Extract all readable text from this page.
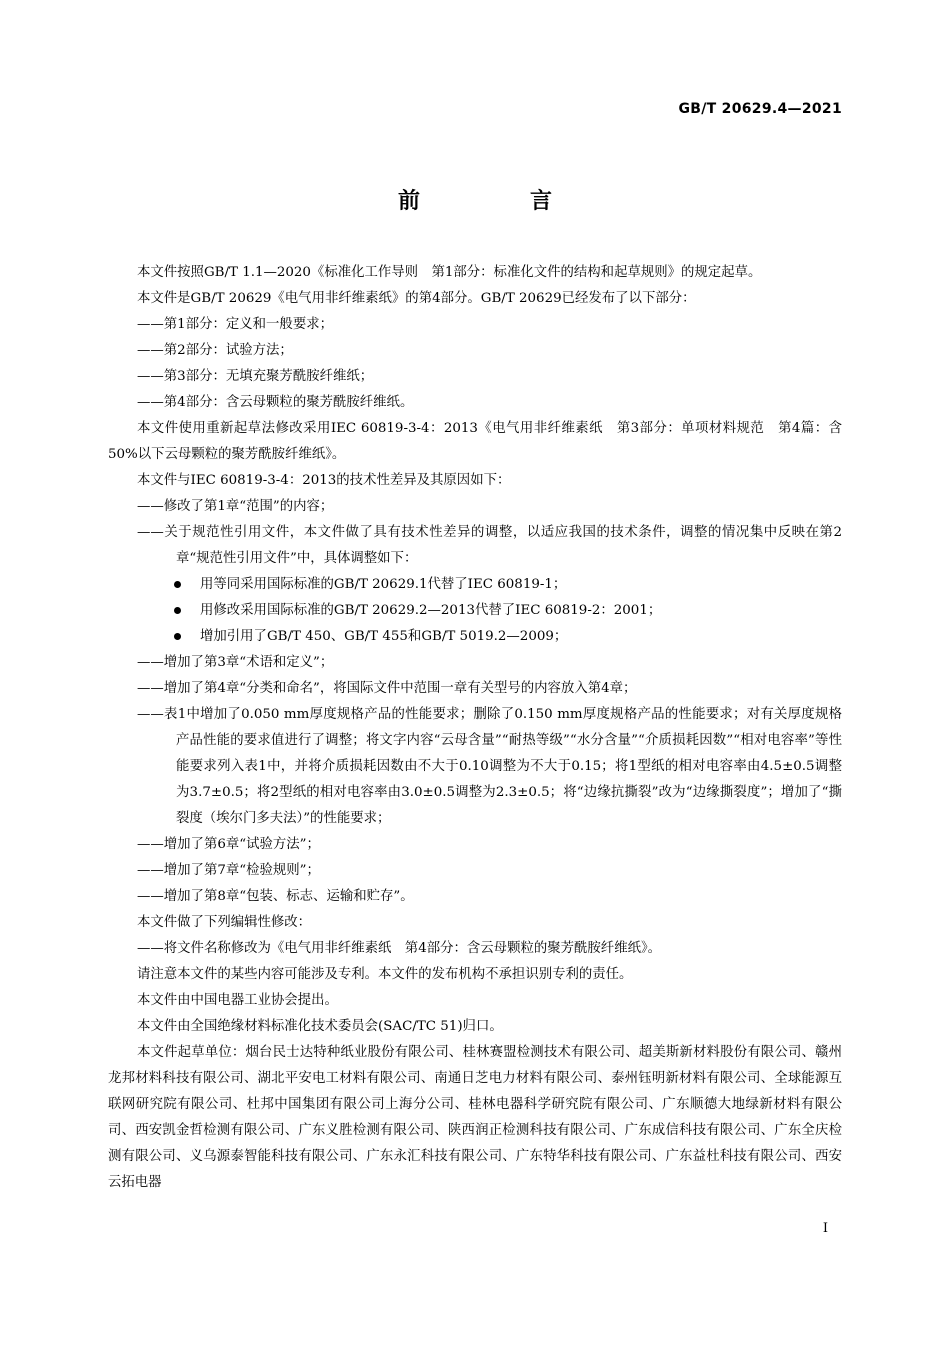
GB/T 20629.4—2021
前　言

本文件按照GB/T 1.1—2020《标准化工作导则　第1部分：标准化文件的结构和起草规则》的规定起草。

本文件是GB/T 20629《电气用非纤维素纸》的第4部分。GB/T 20629已经发布了以下部分：

——第1部分：定义和一般要求；

——第2部分：试验方法；

——第3部分：无填充聚芳酰胺纤维纸；

——第4部分：含云母颗粒的聚芳酰胺纤维纸。

本文件使用重新起草法修改采用IEC 60819-3-4：2013《电气用非纤维素纸　第3部分：单项材料规范　第4篇：含50%以下云母颗粒的聚芳酰胺纤维纸》。

本文件与IEC 60819-3-4：2013的技术性差异及其原因如下：

——修改了第1章“范围”的内容；

——关于规范性引用文件，本文件做了具有技术性差异的调整，以适应我国的技术条件，调整的情况集中反映在第2章“规范性引用文件”中，具体调整如下：

用等同采用国际标准的GB/T 20629.1代替了IEC 60819-1；

用修改采用国际标准的GB/T 20629.2—2013代替了IEC 60819-2：2001；

增加引用了GB/T 450、GB/T 455和GB/T 5019.2—2009；

——增加了第3章“术语和定义”；

——增加了第4章“分类和命名”，将国际文件中范围一章有关型号的内容放入第4章；

——表1中增加了0.050 mm厚度规格产品的性能要求；删除了0.150 mm厚度规格产品的性能要求；对有关厚度规格产品性能的要求值进行了调整；将文字内容“云母含量”“耐热等级”“水分含量”“介质损耗因数”“相对电容率”等性能要求列入表1中，并将介质损耗因数由不大于0.10调整为不大于0.15；将1型纸的相对电容率由4.5±0.5调整为3.7±0.5；将2型纸的相对电容率由3.0±0.5调整为2.3±0.5；将“边缘抗撕裂”改为“边缘撕裂度”；增加了“撕裂度（埃尔门多夫法）”的性能要求；

——增加了第6章“试验方法”；

——增加了第7章“检验规则”；

——增加了第8章“包装、标志、运输和贮存”。

本文件做了下列编辑性修改：

——将文件名称修改为《电气用非纤维素纸　第4部分：含云母颗粒的聚芳酰胺纤维纸》。

请注意本文件的某些内容可能涉及专利。本文件的发布机构不承担识别专利的责任。

本文件由中国电器工业协会提出。

本文件由全国绝缘材料标准化技术委员会(SAC/TC 51)归口。

本文件起草单位：烟台民士达特种纸业股份有限公司、桂林赛盟检测技术有限公司、超美斯新材料股份有限公司、赣州龙邦材料科技有限公司、湖北平安电工材料有限公司、南通日芝电力材料有限公司、泰州钰明新材料有限公司、全球能源互联网研究院有限公司、杜邦中国集团有限公司上海分公司、桂林电器科学研究院有限公司、广东顺德大地绿新材料有限公司、西安凯金哲检测有限公司、广东义胜检测有限公司、陕西润正检测科技有限公司、广东成信科技有限公司、广东全庆检测有限公司、义乌源泰智能科技有限公司、广东永汇科技有限公司、广东特华科技有限公司、广东益杜科技有限公司、西安云拓电器

I
